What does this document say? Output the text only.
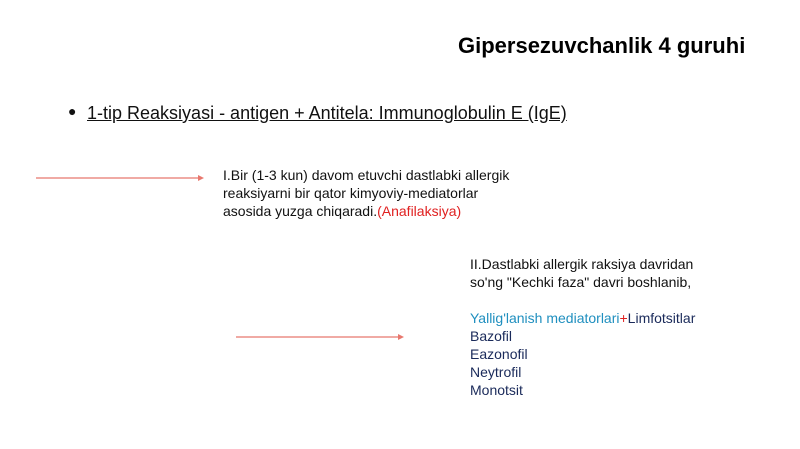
Gipersezuvchanlik 4 guruhi
● 1-tip Reaksiyasi - antigen + Antitela: Immunoglobulin E (IgE)
I.Bir (1-3 kun) davom etuvchi dastlabki allergik
reaksiyarni bir qator kimyoviy-mediatorlar
asosida yuzga chiqaradi.(Anafilaksiya)
II.Dastlabki allergik raksiya davridan
so'ng "Kechki faza" davri boshlanib,
Yallig'lanish mediatorlari+Limfotsitlar
Bazofil
Eazonofil
Neytrofil
Monotsit
